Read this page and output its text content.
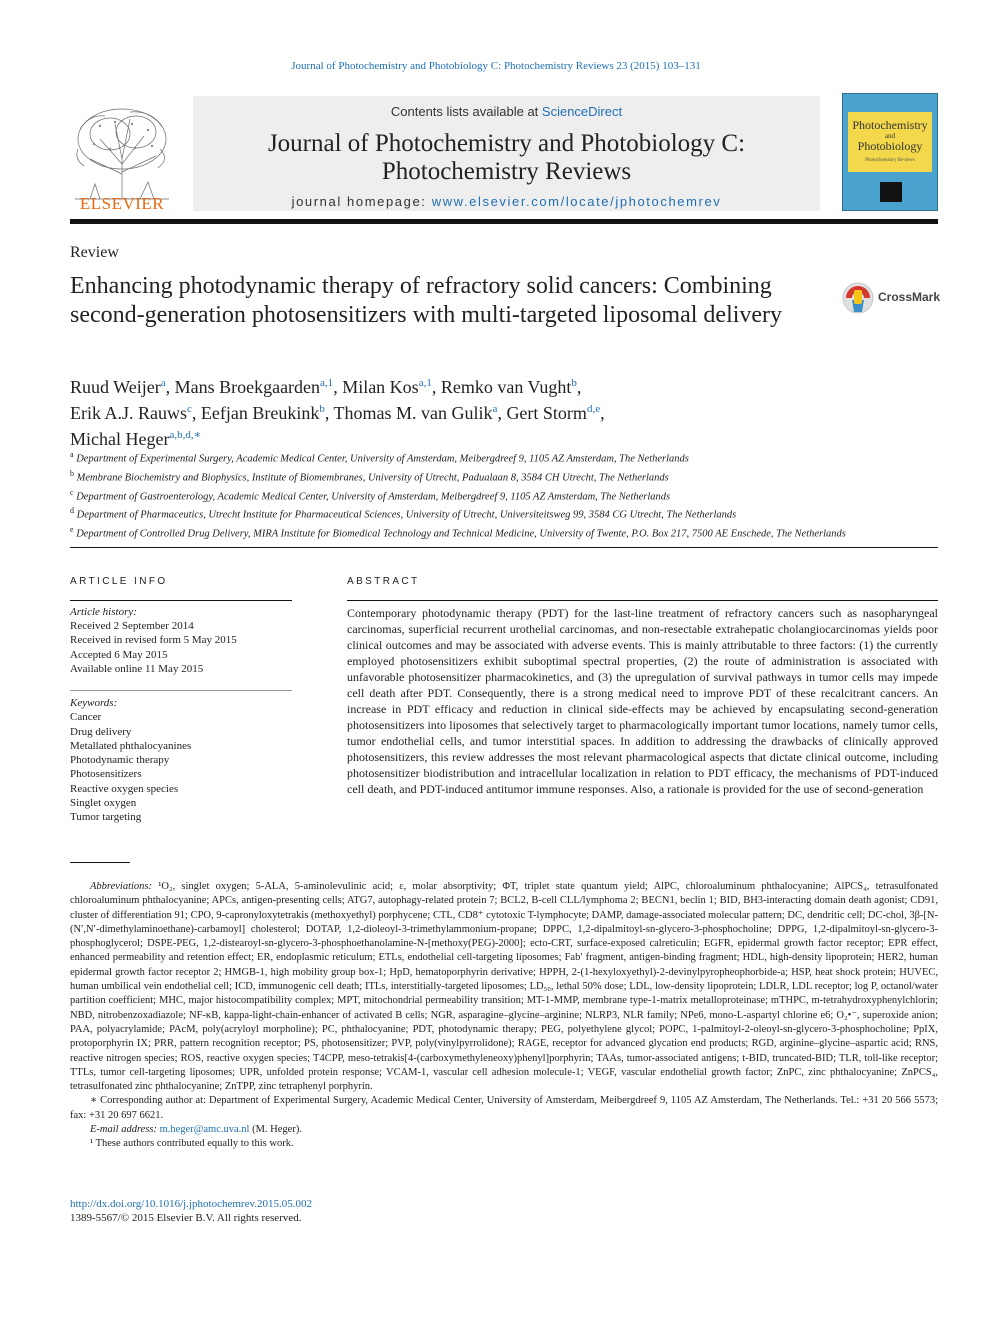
Journal of Photochemistry and Photobiology C: Photochemistry Reviews 23 (2015) 103–131
ELSEVIER
Contents lists available at ScienceDirect
Journal of Photochemistry and Photobiology C:
Photochemistry Reviews
journal homepage: www.elsevier.com/locate/jphotochemrev
Photochemistry
and
Photobiology
Photochemistry Reviews
Review
Enhancing photodynamic therapy of refractory solid cancers: Combining second-generation photosensitizers with multi-targeted liposomal delivery
CrossMark
Ruud Weijer$^a$, Mans Broekgaarden$^{a,1}$, Milan Kos$^{a,1}$, Remko van Vught$^b$,
Erik A.J. Rauws$^c$, Eefjan Breukink$^b$, Thomas M. van Gulik$^a$, Gert Storm$^{d,e}$,
Michal Heger$^{a,b,d,∗}$
$^a$ Department of Experimental Surgery, Academic Medical Center, University of Amsterdam, Meibergdreef 9, 1105 AZ Amsterdam, The Netherlands
$^b$ Membrane Biochemistry and Biophysics, Institute of Biomembranes, University of Utrecht, Padualaan 8, 3584 CH Utrecht, The Netherlands
$^c$ Department of Gastroenterology, Academic Medical Center, University of Amsterdam, Meibergdreef 9, 1105 AZ Amsterdam, The Netherlands
$^d$ Department of Pharmaceutics, Utrecht Institute for Pharmaceutical Sciences, University of Utrecht, Universiteitsweg 99, 3584 CG Utrecht, The Netherlands
$^e$ Department of Controlled Drug Delivery, MIRA Institute for Biomedical Technology and Technical Medicine, University of Twente, P.O. Box 217, 7500 AE Enschede, The Netherlands
ARTICLE INFO	ABSTRACT
Article history:
Received 2 September 2014
Received in revised form 5 May 2015
Accepted 6 May 2015
Available online 11 May 2015
Keywords:
Cancer
Drug delivery
Metallated phthalocyanines
Photodynamic therapy
Photosensitizers
Reactive oxygen species
Singlet oxygen
Tumor targeting
Contemporary photodynamic therapy (PDT) for the last-line treatment of refractory cancers such as nasopharyngeal carcinomas, superficial recurrent urothelial carcinomas, and non-resectable extrahepatic cholangiocarcinomas yields poor clinical outcomes and may be associated with adverse events. This is mainly attributable to three factors: (1) the currently employed photosensitizers exhibit suboptimal spectral properties, (2) the route of administration is associated with unfavorable photosensitizer pharmacokinetics, and (3) the upregulation of survival pathways in tumor cells may impede cell death after PDT. Consequently, there is a strong medical need to improve PDT of these recalcitrant cancers. An increase in PDT efficacy and reduction in clinical side-effects may be achieved by encapsulating second-generation photosensitizers into liposomes that selectively target to pharmacologically important tumor locations, namely tumor cells, tumor endothelial cells, and tumor interstitial spaces. In addition to addressing the drawbacks of clinically approved photosensitizers, this review addresses the most relevant pharmacological aspects that dictate clinical outcome, including photosensitizer biodistribution and intracellular localization in relation to PDT efficacy, the mechanisms of PDT-induced cell death, and PDT-induced antitumor immune responses. Also, a rationale is provided for the use of second-generation

Abbreviations: ¹O₂, singlet oxygen; 5-ALA, 5-aminolevulinic acid; ε, molar absorptivity; ΦT, triplet state quantum yield; AlPC, chloroaluminum phthalocyanine; AlPCS₄, tetrasulfonated chloroaluminum phthalocyanine; APCs, antigen-presenting cells; ATG7, autophagy-related protein 7; BCL2, B-cell CLL/lymphoma 2; BECN1, beclin 1; BID, BH3-interacting domain death agonist; CD91, cluster of differentiation 91; CPO, 9-capronyloxytetrakis (methoxyethyl) porphycene; CTL, CD8⁺ cytotoxic T-lymphocyte; DAMP, damage-associated molecular pattern; DC, dendritic cell; DC-chol, 3β-[N-(N′,N′-dimethylaminoethane)-carbamoyl] cholesterol; DOTAP, 1,2-dioleoyl-3-trimethylammonium-propane; DPPC, 1,2-dipalmitoyl-sn-glycero-3-phosphocholine; DPPG, 1,2-dipalmitoyl-sn-glycero-3-phosphoglycerol; DSPE-PEG, 1,2-distearoyl-sn-glycero-3-phosphoethanolamine-N-[methoxy(PEG)-2000]; ecto-CRT, surface-exposed calreticulin; EGFR, epidermal growth factor receptor; EPR effect, enhanced permeability and retention effect; ER, endoplasmic reticulum; ETLs, endothelial cell-targeting liposomes; Fab′ fragment, antigen-binding fragment; HDL, high-density lipoprotein; HER2, human epidermal growth factor receptor 2; HMGB-1, high mobility group box-1; HpD, hematoporphyrin derivative; HPPH, 2-(1-hexyloxyethyl)-2-devinylpyropheophorbide-a; HSP, heat shock protein; HUVEC, human umbilical vein endothelial cell; ICD, immunogenic cell death; ITLs, interstitially-targeted liposomes; LD₅₀, lethal 50% dose; LDL, low-density lipoprotein; LDLR, LDL receptor; log P, octanol/water partition coefficient; MHC, major histocompatibility complex; MPT, mitochondrial permeability transition; MT-1-MMP, membrane type-1-matrix metalloproteinase; mTHPC, m-tetrahydroxyphenylchlorin; NBD, nitrobenzoxadiazole; NF-κB, kappa-light-chain-enhancer of activated B cells; NGR, asparagine–glycine–arginine; NLRP3, NLR family; NPe6, mono-L-aspartyl chlorine e6; O₂•⁻, superoxide anion; PAA, polyacrylamide; PAcM, poly(acryloyl morpholine); PC, phthalocyanine; PDT, photodynamic therapy; PEG, polyethylene glycol; POPC, 1-palmitoyl-2-oleoyl-sn-glycero-3-phosphocholine; PpIX, protoporphyrin IX; PRR, pattern recognition receptor; PS, photosensitizer; PVP, poly(vinylpyrrolidone); RAGE, receptor for advanced glycation end products; RGD, arginine–glycine–aspartic acid; RNS, reactive nitrogen species; ROS, reactive oxygen species; T4CPP, meso-tetrakis[4-(carboxymethyleneoxy)phenyl]porphyrin; TAAs, tumor-associated antigens; t-BID, truncated-BID; TLR, toll-like receptor; TTLs, tumor cell-targeting liposomes; UPR, unfolded protein response; VCAM-1, vascular cell adhesion molecule-1; VEGF, vascular endothelial growth factor; ZnPC, zinc phthalocyanine; ZnPCS₄, tetrasulfonated zinc phthalocyanine; ZnTPP, zinc tetraphenyl porphyrin.

∗ Corresponding author at: Department of Experimental Surgery, Academic Medical Center, University of Amsterdam, Meibergdreef 9, 1105 AZ Amsterdam, The Netherlands. Tel.: +31 20 566 5573; fax: +31 20 697 6621.

E-mail address: m.heger@amc.uva.nl (M. Heger).

¹ These authors contributed equally to this work.

http://dx.doi.org/10.1016/j.jphotochemrev.2015.05.002
1389-5567/© 2015 Elsevier B.V. All rights reserved.
